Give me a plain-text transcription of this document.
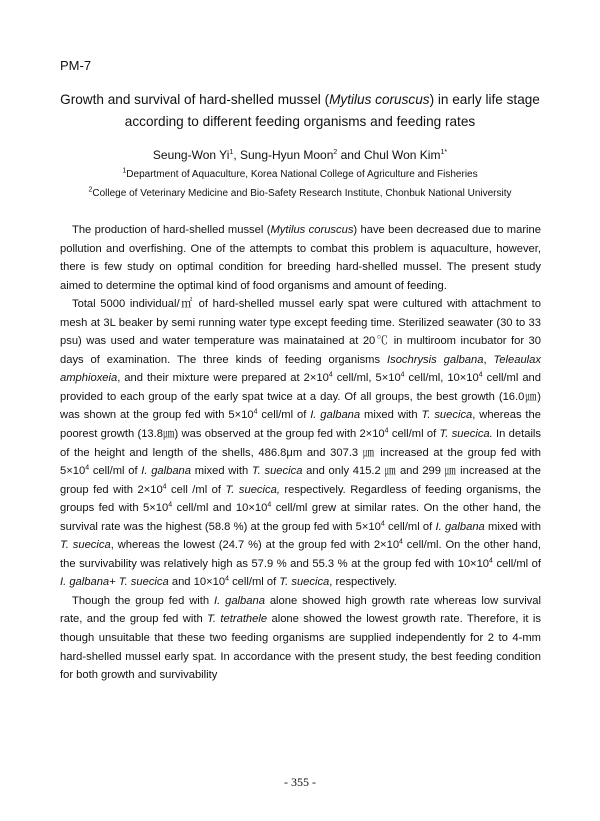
PM-7
Growth and survival of hard-shelled mussel (Mytilus coruscus) in early life stage according to different feeding organisms and feeding rates
Seung-Won Yi$^1$, Sung-Hyun Moon$^2$ and Chul Won Kim$^{1*}$
$^1$Department of Aquaculture, Korea National College of Agriculture and Fisheries
$^2$College of Veterinary Medicine and Bio-Safety Research Institute, Chonbuk National University

The production of hard-shelled mussel (Mytilus coruscus) have been decreased due to marine pollution and overfishing. One of the attempts to combat this problem is aquaculture, however, there is few study on optimal condition for breeding hard-shelled mussel. The present study aimed to determine the optimal kind of food organisms and amount of feeding.

Total 5000 individual/㎡ of hard-shelled mussel early spat were cultured with attachment to mesh at 3L beaker by semi running water type except feeding time. Sterilized seawater (30 to 33 psu) was used and water temperature was mainatained at 20℃ in multiroom incubator for 30 days of examination. The three kinds of feeding organisms Isochrysis galbana, Teleaulax amphioxeia, and their mixture were prepared at $2\times 10^4$ cell/ml, $5\times 10^4$ cell/ml, $10\times 10^4$ cell/ml and provided to each group of the early spat twice at a day. Of all groups, the best growth (16.0㎛) was shown at the group fed with $5\times 10^4$ cell/ml of I. galbana mixed with T. suecica, whereas the poorest growth (13.8㎛) was observed at the group fed with $2\times 10^4$ cell/ml of T. suecica. In details of the height and length of the shells, 486.8μm and 307.3 ㎛ increased at the group fed with $5\times 10^4$ cell/ml of I. galbana mixed with T. suecica and only 415.2 ㎛ and 299 ㎛ increased at the group fed with $2\times 10^4$ cell /ml of T. suecica, respectively. Regardless of feeding organisms, the groups fed with $5\times 10^4$ cell/ml and $10\times 10^4$ cell/ml grew at similar rates. On the other hand, the survival rate was the highest (58.8 %) at the group fed with $5\times 10^4$ cell/ml of I. galbana mixed with T. suecica, whereas the lowest (24.7 %) at the group fed with $2\times 10^4$ cell/ml. On the other hand, the survivability was relatively high as 57.9 % and 55.3 % at the group fed with $10\times 10^4$ cell/ml of I. galbana+ T. suecica and $10\times 10^4$ cell/ml of T. suecica, respectively.

Though the group fed with I. galbana alone showed high growth rate whereas low survival rate, and the group fed with T. tetrathele alone showed the lowest growth rate. Therefore, it is though unsuitable that these two feeding organisms are supplied independently for 2 to 4-mm hard-shelled mussel early spat. In accordance with the present study, the best feeding condition for both growth and survivability

- 355 -
